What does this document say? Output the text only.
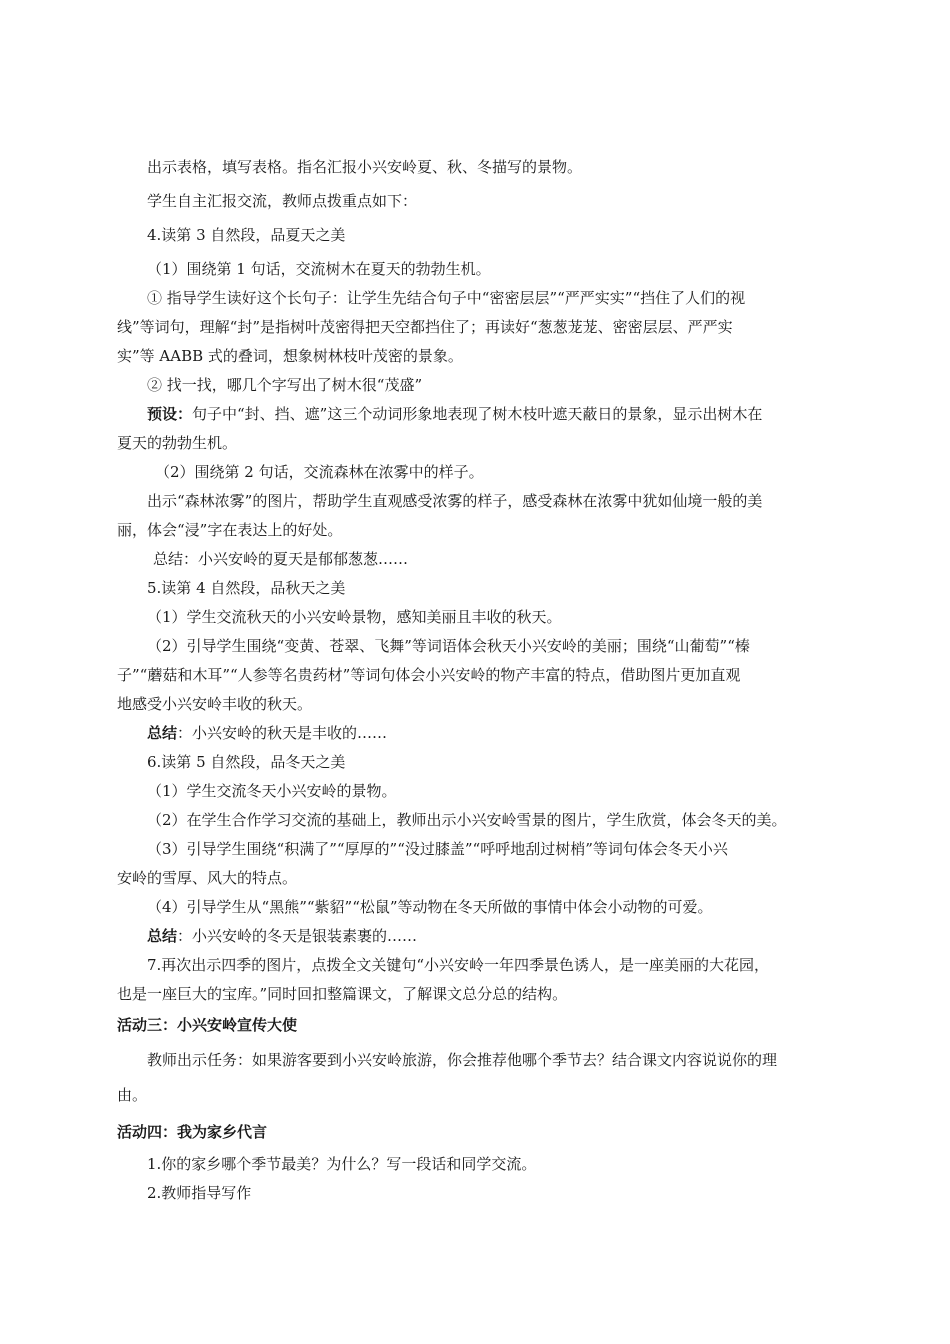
出示表格，填写表格。指名汇报小兴安岭夏、秋、冬描写的景物。
学生自主汇报交流，教师点拨重点如下：
4.读第 3 自然段，品夏天之美
（1）围绕第 1 句话，交流树木在夏天的勃勃生机。
① 指导学生读好这个长句子：让学生先结合句子中“密密层层”“严严实实”“挡住了人们的视
线”等词句，理解“封”是指树叶茂密得把天空都挡住了；再读好“葱葱茏茏、密密层层、严严实
实”等 AABB 式的叠词，想象树林枝叶茂密的景象。
② 找一找，哪几个字写出了树木很“茂盛”
预设：句子中“封、挡、遮”这三个动词形象地表现了树木枝叶遮天蔽日的景象，显示出树木在
夏天的勃勃生机。
（2）围绕第 2 句话，交流森林在浓雾中的样子。
出示“森林浓雾”的图片，帮助学生直观感受浓雾的样子，感受森林在浓雾中犹如仙境一般的美
丽，体会“浸”字在表达上的好处。
总结：小兴安岭的夏天是郁郁葱葱……
5.读第 4 自然段，品秋天之美
（1）学生交流秋天的小兴安岭景物，感知美丽且丰收的秋天。
（2）引导学生围绕“变黄、苍翠、飞舞”等词语体会秋天小兴安岭的美丽；围绕“山葡萄”“榛
子”“蘑菇和木耳”“人参等名贵药材”等词句体会小兴安岭的物产丰富的特点，借助图片更加直观
地感受小兴安岭丰收的秋天。
总结：小兴安岭的秋天是丰收的……
6.读第 5 自然段，品冬天之美
（1）学生交流冬天小兴安岭的景物。
（2）在学生合作学习交流的基础上，教师出示小兴安岭雪景的图片，学生欣赏，体会冬天的美。
（3）引导学生围绕“积满了”“厚厚的”“没过膝盖”“呼呼地刮过树梢”等词句体会冬天小兴
安岭的雪厚、风大的特点。
（4）引导学生从“黑熊”“紫貂”“松鼠”等动物在冬天所做的事情中体会小动物的可爱。
总结：小兴安岭的冬天是银装素裹的……
7.再次出示四季的图片，点拨全文关键句“小兴安岭一年四季景色诱人，是一座美丽的大花园，
也是一座巨大的宝库。”同时回扣整篇课文，了解课文总分总的结构。
活动三：小兴安岭宣传大使
教师出示任务：如果游客要到小兴安岭旅游，你会推荐他哪个季节去？结合课文内容说说你的理
由。
活动四：我为家乡代言
1.你的家乡哪个季节最美？为什么？写一段话和同学交流。
2.教师指导写作
